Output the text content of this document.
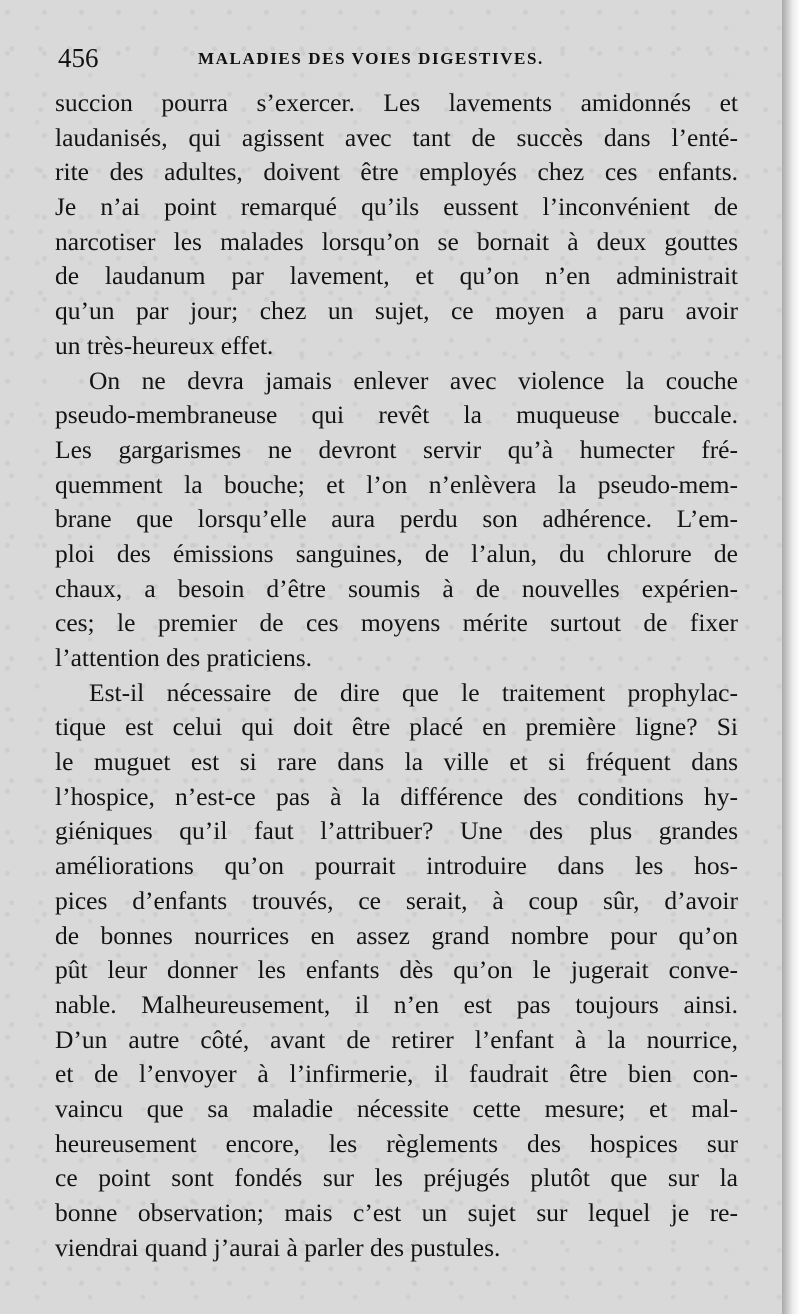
456	MALADIES DES VOIES DIGESTIVES.
succion pourra s’exercer. Les lavements amidonnés et
laudanisés, qui agissent avec tant de succès dans l’enté-
rite des adultes, doivent être employés chez ces enfants.
Je n’ai point remarqué qu’ils eussent l’inconvénient de
narcotiser les malades lorsqu’on se bornait à deux gouttes
de laudanum par lavement, et qu’on n’en administrait
qu’un par jour; chez un sujet, ce moyen a paru avoir
un très-heureux effet.
On ne devra jamais enlever avec violence la couche
pseudo-membraneuse qui revêt la muqueuse buccale.
Les gargarismes ne devront servir qu’à humecter fré-
quemment la bouche; et l’on n’enlèvera la pseudo-mem-
brane que lorsqu’elle aura perdu son adhérence. L’em-
ploi des émissions sanguines, de l’alun, du chlorure de
chaux, a besoin d’être soumis à de nouvelles expérien-
ces; le premier de ces moyens mérite surtout de fixer
l’attention des praticiens.
Est-il nécessaire de dire que le traitement prophylac-
tique est celui qui doit être placé en première ligne? Si
le muguet est si rare dans la ville et si fréquent dans
l’hospice, n’est-ce pas à la différence des conditions hy-
giéniques qu’il faut l’attribuer? Une des plus grandes
améliorations qu’on pourrait introduire dans les hos-
pices d’enfants trouvés, ce serait, à coup sûr, d’avoir
de bonnes nourrices en assez grand nombre pour qu’on
pût leur donner les enfants dès qu’on le jugerait conve-
nable. Malheureusement, il n’en est pas toujours ainsi.
D’un autre côté, avant de retirer l’enfant à la nourrice,
et de l’envoyer à l’infirmerie, il faudrait être bien con-
vaincu que sa maladie nécessite cette mesure; et mal-
heureusement encore, les règlements des hospices sur
ce point sont fondés sur les préjugés plutôt que sur la
bonne observation; mais c’est un sujet sur lequel je re-
viendrai quand j’aurai à parler des pustules.
